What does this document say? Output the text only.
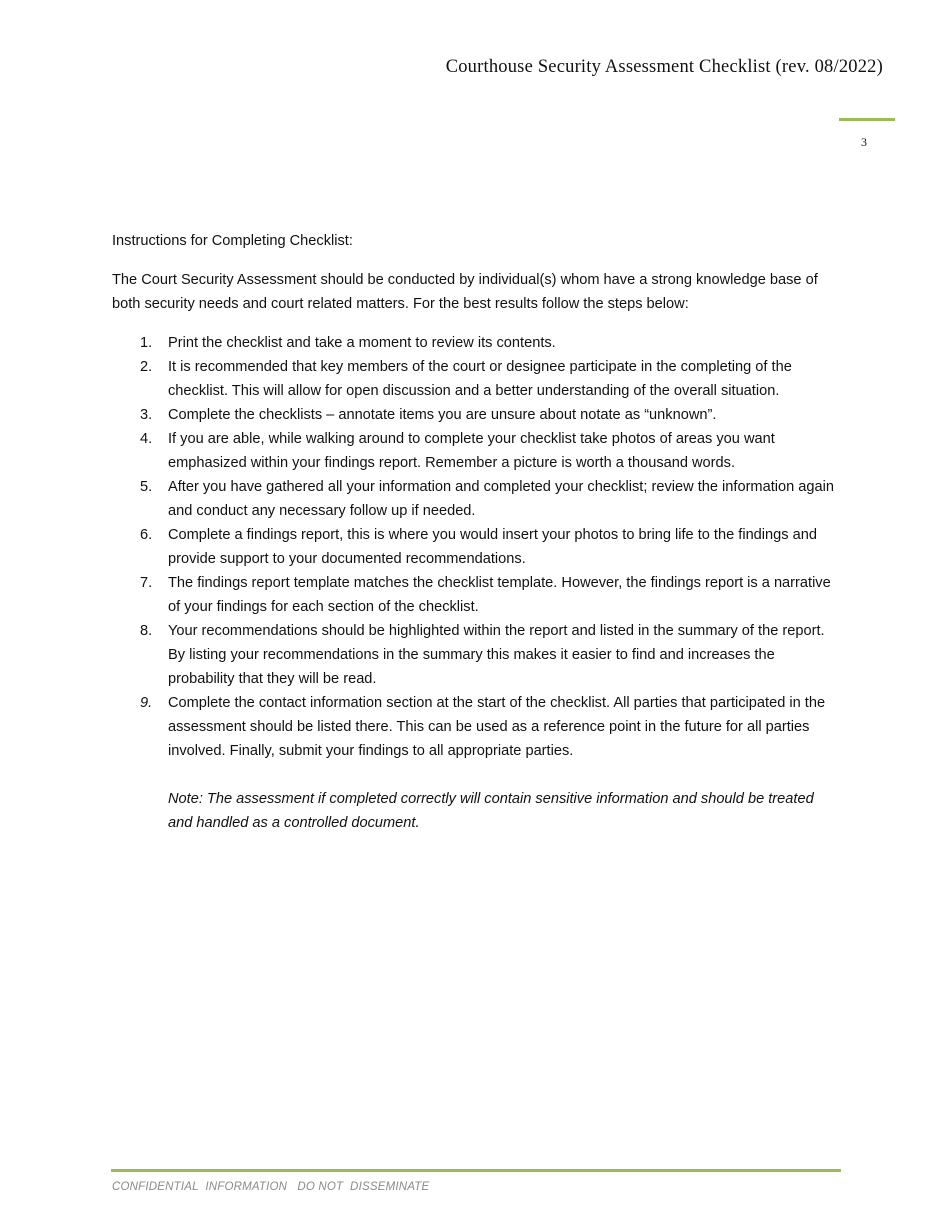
Courthouse Security Assessment Checklist (rev. 08/2022)
3

Instructions for Completing Checklist:

The Court Security Assessment should be conducted by individual(s) whom have a strong knowledge base of both security needs and court related matters. For the best results follow the steps below:

1. Print the checklist and take a moment to review its contents.
2. It is recommended that key members of the court or designee participate in the completing of the checklist. This will allow for open discussion and a better understanding of the overall situation.
3. Complete the checklists – annotate items you are unsure about notate as “unknown”.
4. If you are able, while walking around to complete your checklist take photos of areas you want emphasized within your findings report. Remember a picture is worth a thousand words.
5. After you have gathered all your information and completed your checklist; review the information again and conduct any necessary follow up if needed.
6. Complete a findings report, this is where you would insert your photos to bring life to the findings and provide support to your documented recommendations.
7. The findings report template matches the checklist template. However, the findings report is a narrative of your findings for each section of the checklist.
8. Your recommendations should be highlighted within the report and listed in the summary of the report. By listing your recommendations in the summary this makes it easier to find and increases the probability that they will be read.
9. Complete the contact information section at the start of the checklist. All parties that participated in the assessment should be listed there. This can be used as a reference point in the future for all parties involved. Finally, submit your findings to all appropriate parties.

Note: The assessment if completed correctly will contain sensitive information and should be treated and handled as a controlled document.

CONFIDENTIAL  INFORMATION   DO NOT  DISSEMINATE
